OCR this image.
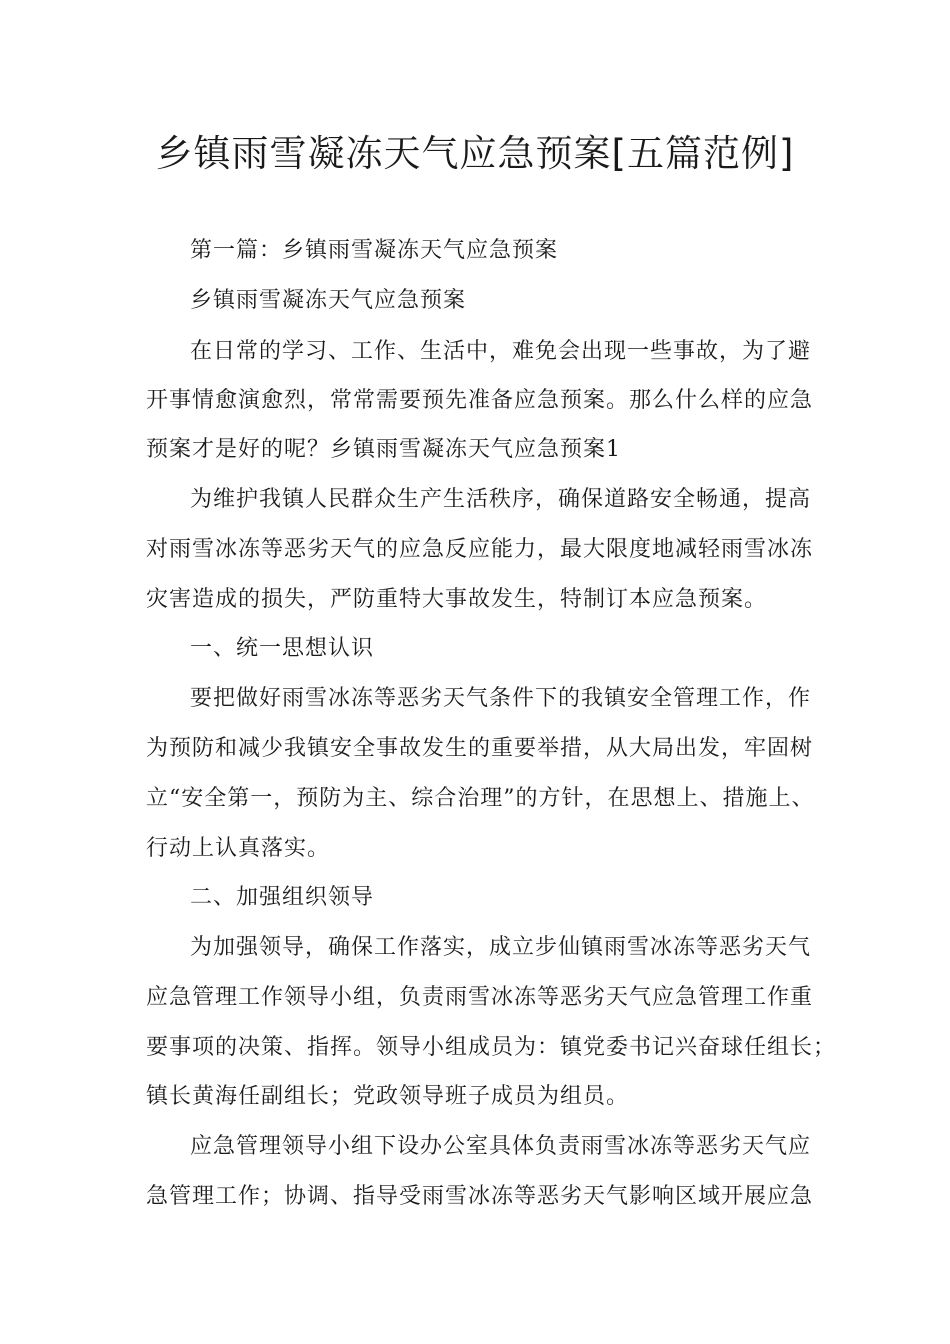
乡镇雨雪凝冻天气应急预案[五篇范例]
第一篇：乡镇雨雪凝冻天气应急预案
乡镇雨雪凝冻天气应急预案
在日常的学习、工作、生活中，难免会出现一些事故，为了避
开事情愈演愈烈，常常需要预先准备应急预案。那么什么样的应急
预案才是好的呢？乡镇雨雪凝冻天气应急预案1
为维护我镇人民群众生产生活秩序，确保道路安全畅通，提高
对雨雪冰冻等恶劣天气的应急反应能力，最大限度地减轻雨雪冰冻
灾害造成的损失，严防重特大事故发生，特制订本应急预案。
一、统一思想认识
要把做好雨雪冰冻等恶劣天气条件下的我镇安全管理工作，作
为预防和减少我镇安全事故发生的重要举措，从大局出发，牢固树
立“安全第一，预防为主、综合治理”的方针，在思想上、措施上、
行动上认真落实。
二、加强组织领导
为加强领导，确保工作落实，成立步仙镇雨雪冰冻等恶劣天气
应急管理工作领导小组，负责雨雪冰冻等恶劣天气应急管理工作重
要事项的决策、指挥。领导小组成员为：镇党委书记兴奋球任组长；
镇长黄海任副组长；党政领导班子成员为组员。
应急管理领导小组下设办公室具体负责雨雪冰冻等恶劣天气应
急管理工作；协调、指导受雨雪冰冻等恶劣天气影响区域开展应急
